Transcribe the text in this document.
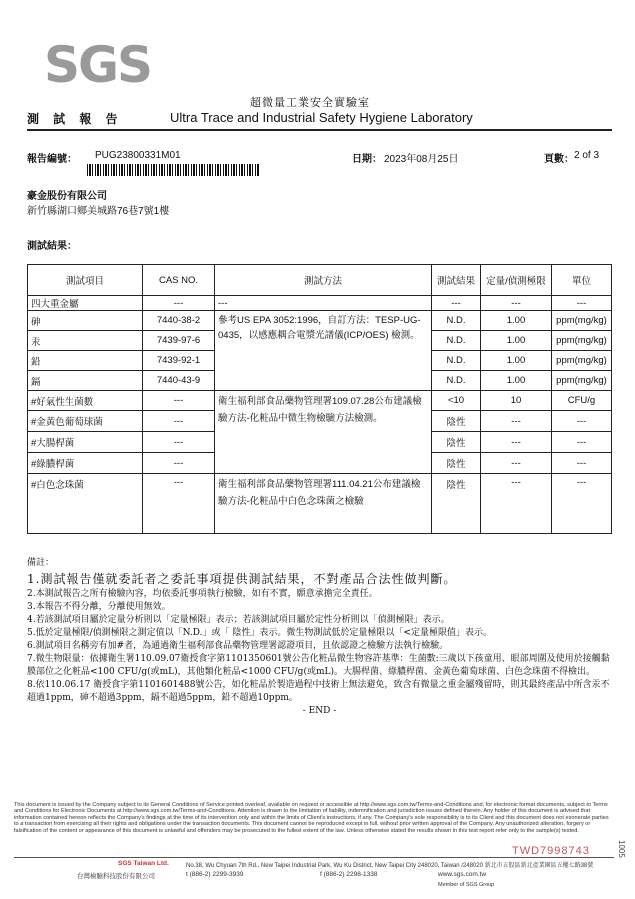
SGS
超微量工業安全實驗室
測 試 報 告	Ultra Trace and Industrial Safety Hygiene Laboratory
報告編號： PUG23800331M01	日期： 2023年08月25日	頁數： 2 of 3
豪金股份有限公司
新竹縣湖口鄉美城路76巷7號1樓
測試結果：
測試項目	CAS NO.	測試方法	測試結果	定量/偵測極限	單位
四大重金屬	---	---	---	---	---
砷	7440-38-2	參考US EPA 3052:1996，自訂方法：TESP-UG-0435，以感應耦合電漿光譜儀(ICP/OES) 檢測。	N.D.	1.00	ppm(mg/kg)
汞	7439-97-6		N.D.	1.00	ppm(mg/kg)
鉛	7439-92-1		N.D.	1.00	ppm(mg/kg)
鎘	7440-43-9		N.D.	1.00	ppm(mg/kg)
#好氣性生菌數	---	衛生福利部食品藥物管理署109.07.28公布建議檢驗方法-化粧品中微生物檢驗方法檢測。	<10	10	CFU/g
#金黃色葡萄球菌	---		陰性	---	---
#大腸桿菌	---		陰性	---	---
#綠膿桿菌	---		陰性	---	---
#白色念珠菌	---	衛生福利部食品藥物管理署111.04.21公布建議檢驗方法-化粧品中白色念珠菌之檢驗	陰性	---	---
備註：
1.測試報告僅就委託者之委託事項提供測試結果，不對產品合法性做判斷。
2.本測試報告之所有檢驗內容，均依委託事項執行檢驗，如有不實，願意承擔完全責任。
3.本報告不得分離，分離使用無效。
4.若該測試項目屬於定量分析則以「定量極限」表示；若該測試項目屬於定性分析則以「偵測極限」表示。
5.低於定量極限/偵測極限之測定值以「N.D.」或「 陰性」表示。微生物測試低於定量極限以「<定量極限值」表示。
6.測試項目名稱旁有加#者，為通過衛生福利部食品藥物管理署認證項目，且依認證之檢驗方法執行檢驗。
7.微生物限量：依據衛生署110.09.07衛授食字第1101350601號公告化粧品微生物容許基準：生菌數:三歲以下孩童用、眼部周圍及使用於接觸黏膜部位之化粧品<100 CFU/g(或mL)，其他類化粧品<1000 CFU/g(或mL)。大腸桿菌、綠膿桿菌、金黃色葡萄球菌、白色念珠菌不得檢出。
8.依110.06.17 衛授食字第1101601488號公告，如化粧品於製造過程中技術上無法避免，致含有微量之重金屬殘留時，則其最終產品中所含汞不超過1ppm，砷不超過3ppm，鎘不超過5ppm，鉛不超過10ppm。
- END -
This document is issued by the Company subject to its General Conditions of Service printed overleaf, available on request or accessible at http://www.sgs.com.tw/Terms-and-Conditions and, for electronic format documents, subject to Terms and Conditions for Electronic Documents at http://www.sgs.com.tw/Terms-and-Conditions. Attention is drawn to the limitation of liability, indemnification and jurisdiction issues defined therein. Any holder of this document is advised that information contained hereon reflects the Company's findings at the time of its intervention only and within the limits of Client's instructions, if any. The Company's sole responsibility is to its Client and this document does not exonerate parties to a transaction from exercising all their rights and obligations under the transaction documents. This document cannot be reproduced except in full, without prior written approval of the Company. Any unauthorized alteration, forgery or falsification of the content or appearance of this document is unlawful and offenders may be prosecuted to the fullest extent of the law. Unless otherwise stated the results shown in this test report refer only to the sample(s) tested.
TWD7998743
SGS Taiwan Ltd.
台灣檢驗科技股份有限公司
No.38, Wu Chyuan 7th Rd., New Taipei Industrial Park, Wu Ku District, New Taipei City 248020, Taiwan /248020 新北市五股區新北產業園區五權七路38號
t (886-2) 2299-3939	f (886-2) 2298-1338	www.sgs.com.tw
Member of SGS Group
1005
